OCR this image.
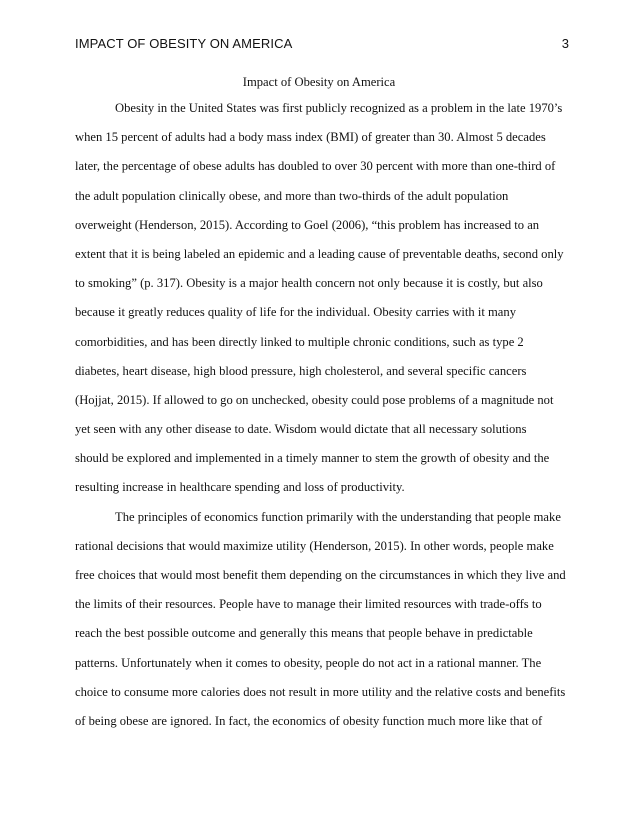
IMPACT OF OBESITY ON AMERICA	3
Impact of Obesity on America
Obesity in the United States was first publicly recognized as a problem in the late 1970’s
when 15 percent of adults had a body mass index (BMI) of greater than 30. Almost 5 decades
later, the percentage of obese adults has doubled to over 30 percent with more than one-third of
the adult population clinically obese, and more than two-thirds of the adult population
overweight (Henderson, 2015). According to Goel (2006), “this problem has increased to an
extent that it is being labeled an epidemic and a leading cause of preventable deaths, second only
to smoking” (p. 317). Obesity is a major health concern not only because it is costly, but also
because it greatly reduces quality of life for the individual. Obesity carries with it many
comorbidities, and has been directly linked to multiple chronic conditions, such as type 2
diabetes, heart disease, high blood pressure, high cholesterol, and several specific cancers
(Hojjat, 2015). If allowed to go on unchecked, obesity could pose problems of a magnitude not
yet seen with any other disease to date. Wisdom would dictate that all necessary solutions
should be explored and implemented in a timely manner to stem the growth of obesity and the
resulting increase in healthcare spending and loss of productivity.
The principles of economics function primarily with the understanding that people make
rational decisions that would maximize utility (Henderson, 2015). In other words, people make
free choices that would most benefit them depending on the circumstances in which they live and
the limits of their resources. People have to manage their limited resources with trade-offs to
reach the best possible outcome and generally this means that people behave in predictable
patterns. Unfortunately when it comes to obesity, people do not act in a rational manner. The
choice to consume more calories does not result in more utility and the relative costs and benefits
of being obese are ignored. In fact, the economics of obesity function much more like that of
